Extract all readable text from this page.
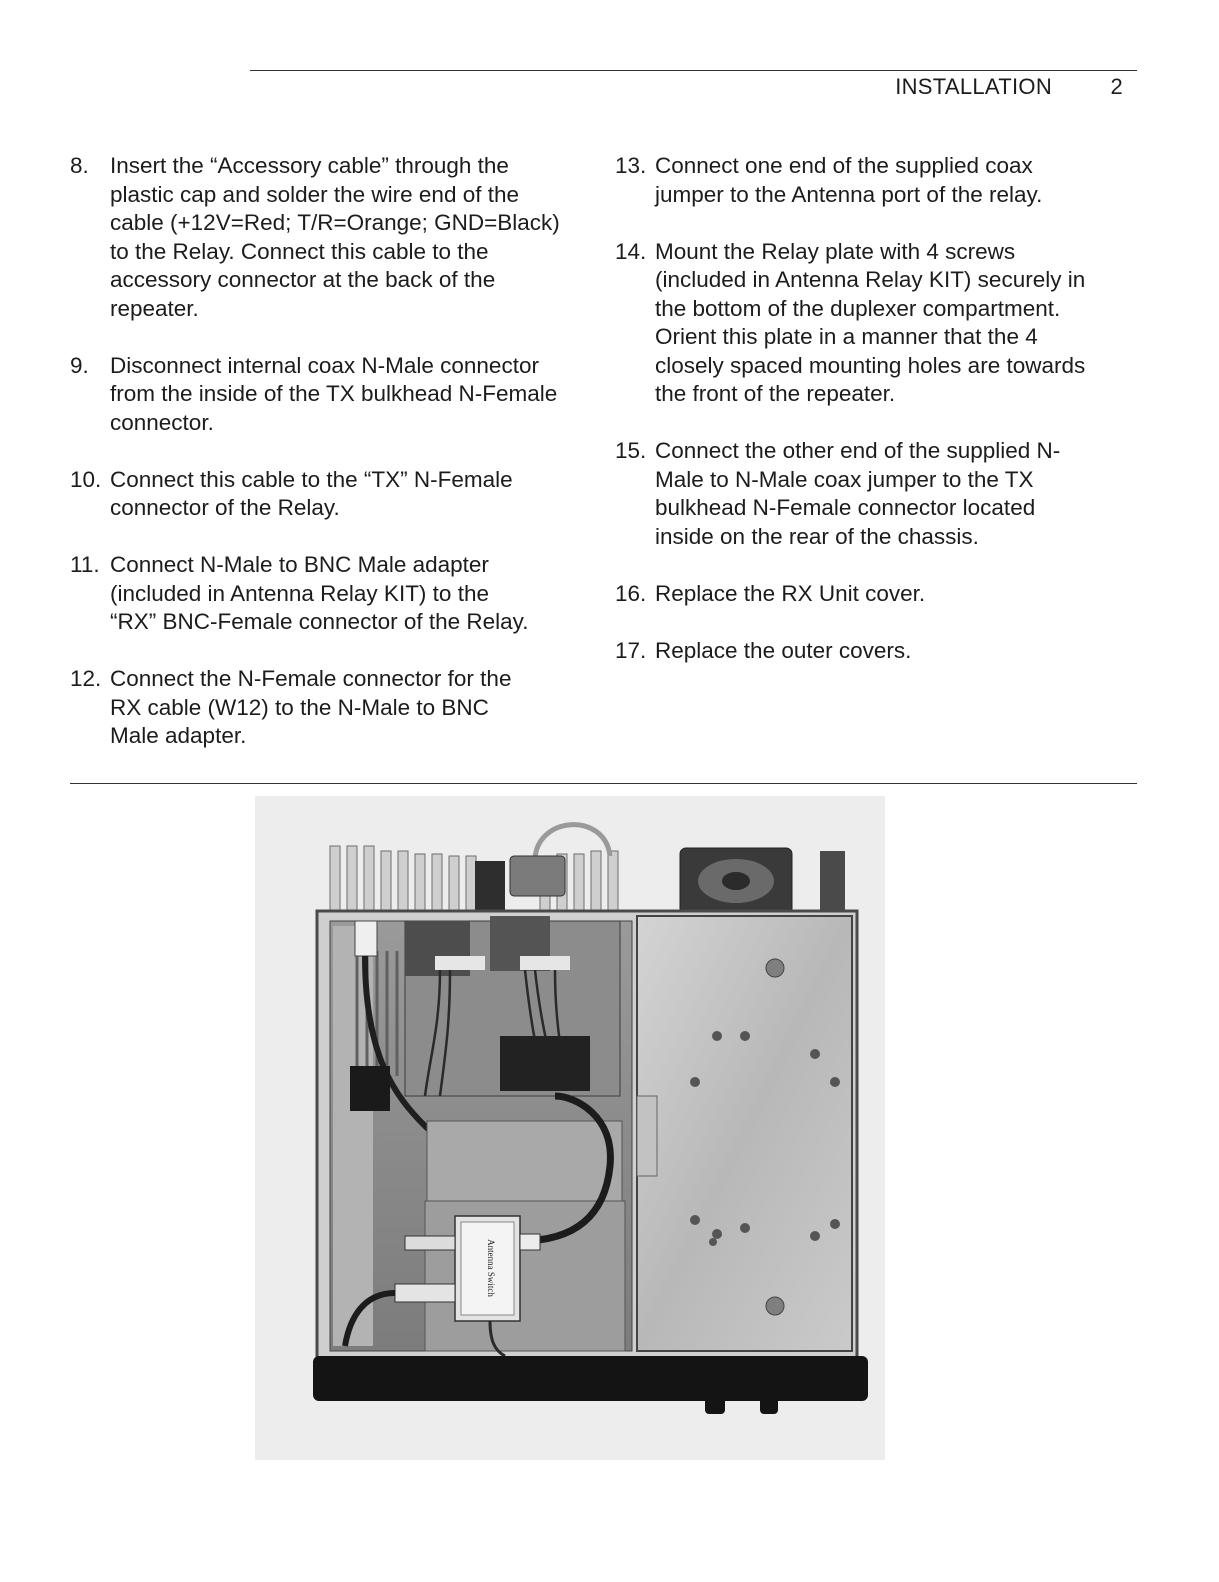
INSTALLATION	2
8. Insert the “Accessory cable” through the
plastic cap and solder the wire end of the
cable (+12V=Red; T/R=Orange; GND=Black)
to the Relay. Connect this cable to the
accessory connector at the back of the
repeater.
9. Disconnect internal coax N-Male connector
from the inside of the TX bulkhead N-Female
connector.
10. Connect this cable to the “TX” N-Female
connector of the Relay.
11. Connect N-Male to BNC Male adapter
(included in Antenna Relay KIT) to the
“RX” BNC-Female connector of the Relay.
12. Connect the N-Female connector for the
RX cable (W12) to the N-Male to BNC
Male adapter.
13. Connect one end of the supplied coax
jumper to the Antenna port of the relay.
14. Mount the Relay plate with 4 screws
(included in Antenna Relay KIT) securely in
the bottom of the duplexer compartment.
Orient this plate in a manner that the 4
closely spaced mounting holes are towards
the front of the repeater.
15. Connect the other end of the supplied N-
Male to N-Male coax jumper to the TX
bulkhead N-Female connector located
inside on the rear of the chassis.
16. Replace the RX Unit cover.
17. Replace the outer covers.
Antenna Switch
